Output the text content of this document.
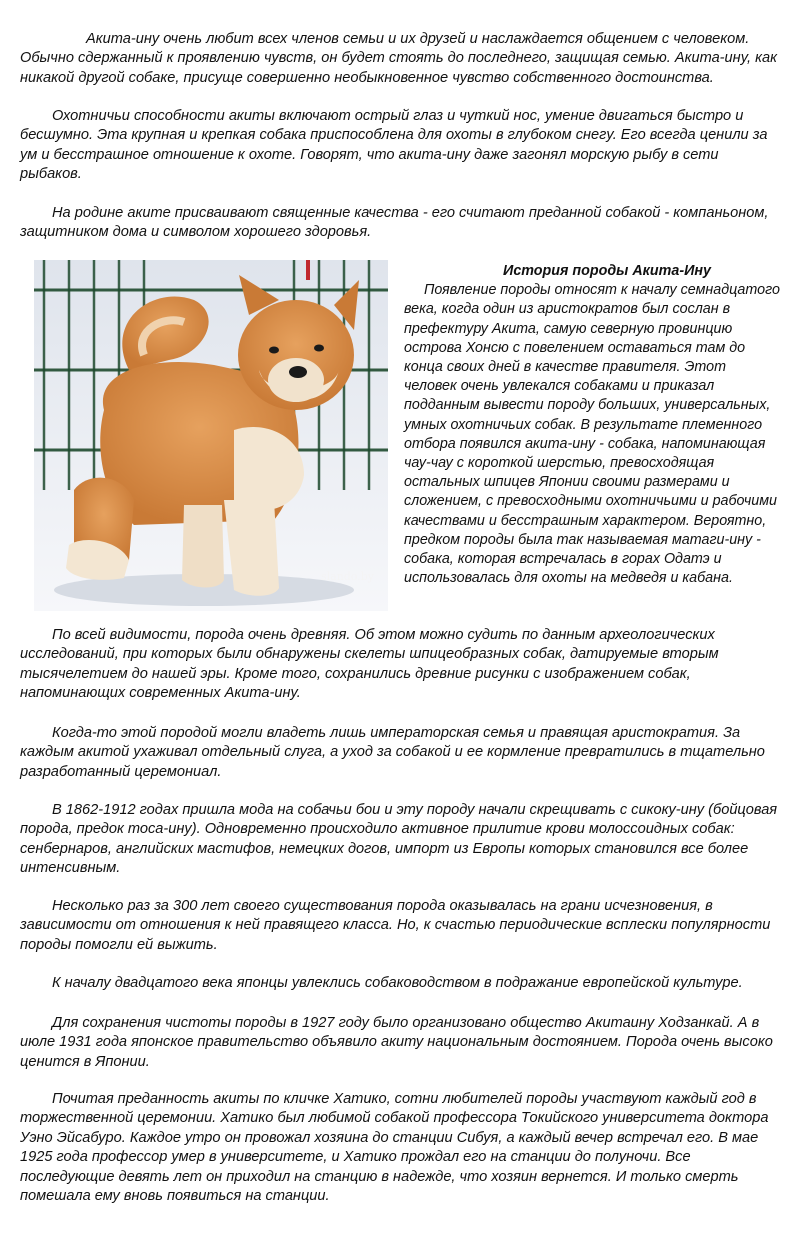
Акита-ину очень любит всех членов семьи и их друзей и наслаждается общением с человеком. Обычно сдержанный к проявлению чувств, он будет стоять до последнего, защищая семью. Акита-ину, как никакой другой собаке, присуще совершенно необыкновенное чувство собственного достоинства.

Охотничьи способности акиты включают острый глаз и чуткий нос, умение двигаться быстро и бесшумно. Эта крупная и крепкая собака приспособлена для охоты в глубоком снегу. Его всегда ценили за ум и бесстрашное отношение к охоте. Говорят, что акита-ину даже загонял морскую рыбу в сети рыбаков.

На родине аките присваивают священные качества - его считают преданной собакой - компаньоном, защитником дома и символом хорошего здоровья.

slando.by

История породы Акита-Ину

Появление породы относят к началу семнадцатого века, когда один из аристократов был сослан в префектуру Акита, самую северную провинцию острова Хонсю с повелением оставаться там до конца своих дней в качестве правителя. Этот человек очень увлекался собаками и приказал подданным вывести породу больших, универсальных, умных охотничьих собак. В результате племенного отбора появился акита-ину - собака, напоминающая чау-чау с короткой шерстью, превосходящая остальных шпицев Японии своими размерами и сложением, с превосходными охотничьими и рабочими качествами и бесстрашным характером. Вероятно, предком породы была так называемая матаги-ину - собака, которая встречалась в горах Одатэ и использовалась для охоты на медведя и кабана.

По всей видимости, порода очень древняя. Об этом можно судить по данным археологических исследований, при которых были обнаружены скелеты шпицеобразных собак, датируемые вторым тысячелетием до нашей эры. Кроме того, сохранились древние рисунки с изображением собак, напоминающих современных Акита-ину.

Когда-то этой породой могли владеть лишь императорская семья и правящая аристократия. За каждым акитой ухаживал отдельный слуга, а уход за собакой и ее кормление превратились в тщательно разработанный церемониал.

В 1862-1912 годах пришла мода на собачьи бои и эту породу начали скрещивать с сикоку-ину (бойцовая порода, предок тоса-ину). Одновременно происходило активное прилитие крови молоссоидных собак: сенбернаров, английских мастифов, немецких догов, импорт из Европы которых становился все более интенсивным.

Несколько раз за 300 лет своего существования порода оказывалась на грани исчезновения, в зависимости от отношения к ней правящего класса. Но, к счастью периодические всплески популярности породы помогли ей выжить.

К началу двадцатого века японцы увлеклись собаководством в подражание европейской культуре.

Для сохранения чистоты породы в 1927 году было организовано общество Акитаину Ходзанкай. А в июле 1931 года японское правительство объявило акиту национальным достоянием. Порода очень высоко ценится в Японии.

Почитая преданность акиты по кличке Хатико, сотни любителей породы участвуют каждый год в торжественной церемонии. Хатико был любимой собакой профессора Токийского университета доктора Уэно Эйсабуро. Каждое утро он провожал хозяина до станции Сибуя, а каждый вечер встречал его. В мае 1925 года профессор умер в университете, и Хатико прождал его на станции до полуночи. Все последующие девять лет он приходил на станцию в надежде, что хозяин вернется. И только смерть помешала ему вновь появиться на станции.
